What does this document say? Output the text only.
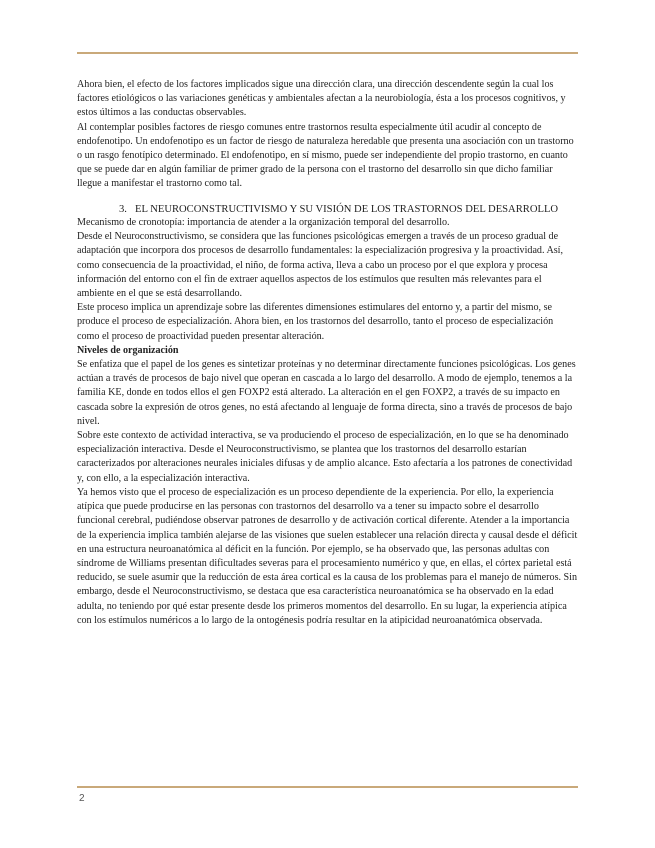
Ahora bien, el efecto de los factores implicados sigue una dirección clara, una dirección descendente según la cual los factores etiológicos o las variaciones genéticas y ambientales afectan a la neurobiología, ésta a los procesos cognitivos, y estos últimos a las conductas observables.

Al contemplar posibles factores de riesgo comunes entre trastornos resulta especialmente útil acudir al concepto de endofenotipo. Un endofenotipo es un factor de riesgo de naturaleza heredable que presenta una asociación con un trastorno o un rasgo fenotípico determinado. El endofenotipo, en sí mismo, puede ser independiente del propio trastorno, en cuanto que se puede dar en algún familiar de primer grado de la persona con el trastorno del desarrollo sin que dicho familiar llegue a manifestar el trastorno como tal.

3. EL NEUROCONSTRUCTIVISMO Y SU VISIÓN DE LOS TRASTORNOS DEL DESARROLLO

Mecanismo de cronotopía: importancia de atender a la organización temporal del desarrollo.

Desde el Neuroconstructivismo, se considera que las funciones psicológicas emergen a través de un proceso gradual de adaptación que incorpora dos procesos de desarrollo fundamentales: la especialización progresiva y la proactividad. Así, como consecuencia de la proactividad, el niño, de forma activa, lleva a cabo un proceso por el que explora y procesa información del entorno con el fin de extraer aquellos aspectos de los estímulos que resulten más relevantes para el ambiente en el que se está desarrollando.

Este proceso implica un aprendizaje sobre las diferentes dimensiones estimulares del entorno y, a partir del mismo, se produce el proceso de especialización. Ahora bien, en los trastornos del desarrollo, tanto el proceso de especialización como el proceso de proactividad pueden presentar alteración.

Niveles de organización

Se enfatiza que el papel de los genes es sintetizar proteínas y no determinar directamente funciones psicológicas. Los genes actúan a través de procesos de bajo nivel que operan en cascada a lo largo del desarrollo. A modo de ejemplo, tenemos a la familia KE, donde en todos ellos el gen FOXP2 está alterado. La alteración en el gen FOXP2, a través de su impacto en cascada sobre la expresión de otros genes, no está afectando al lenguaje de forma directa, sino a través de procesos de bajo nivel.

Sobre este contexto de actividad interactiva, se va produciendo el proceso de especialización, en lo que se ha denominado especialización interactiva. Desde el Neuroconstructivismo, se plantea que los trastornos del desarrollo estarían caracterizados por alteraciones neurales iniciales difusas y de amplio alcance. Esto afectaría a los patrones de conectividad y, con ello, a la especialización interactiva.

Ya hemos visto que el proceso de especialización es un proceso dependiente de la experiencia. Por ello, la experiencia atípica que puede producirse en las personas con trastornos del desarrollo va a tener su impacto sobre el desarrollo funcional cerebral, pudiéndose observar patrones de desarrollo y de activación cortical diferente. Atender a la importancia de la experiencia implica también alejarse de las visiones que suelen establecer una relación directa y causal desde el déficit en una estructura neuroanatómica al déficit en la función. Por ejemplo, se ha observado que, las personas adultas con síndrome de Williams presentan dificultades severas para el procesamiento numérico y que, en ellas, el córtex parietal está reducido, se suele asumir que la reducción de esta área cortical es la causa de los problemas para el manejo de números. Sin embargo, desde el Neuroconstructivismo, se destaca que esa característica neuroanatómica se ha observado en la edad adulta, no teniendo por qué estar presente desde los primeros momentos del desarrollo. En su lugar, la experiencia atípica con los estímulos numéricos a lo largo de la ontogénesis podría resultar en la atipicidad neuroanatómica observada.

2
